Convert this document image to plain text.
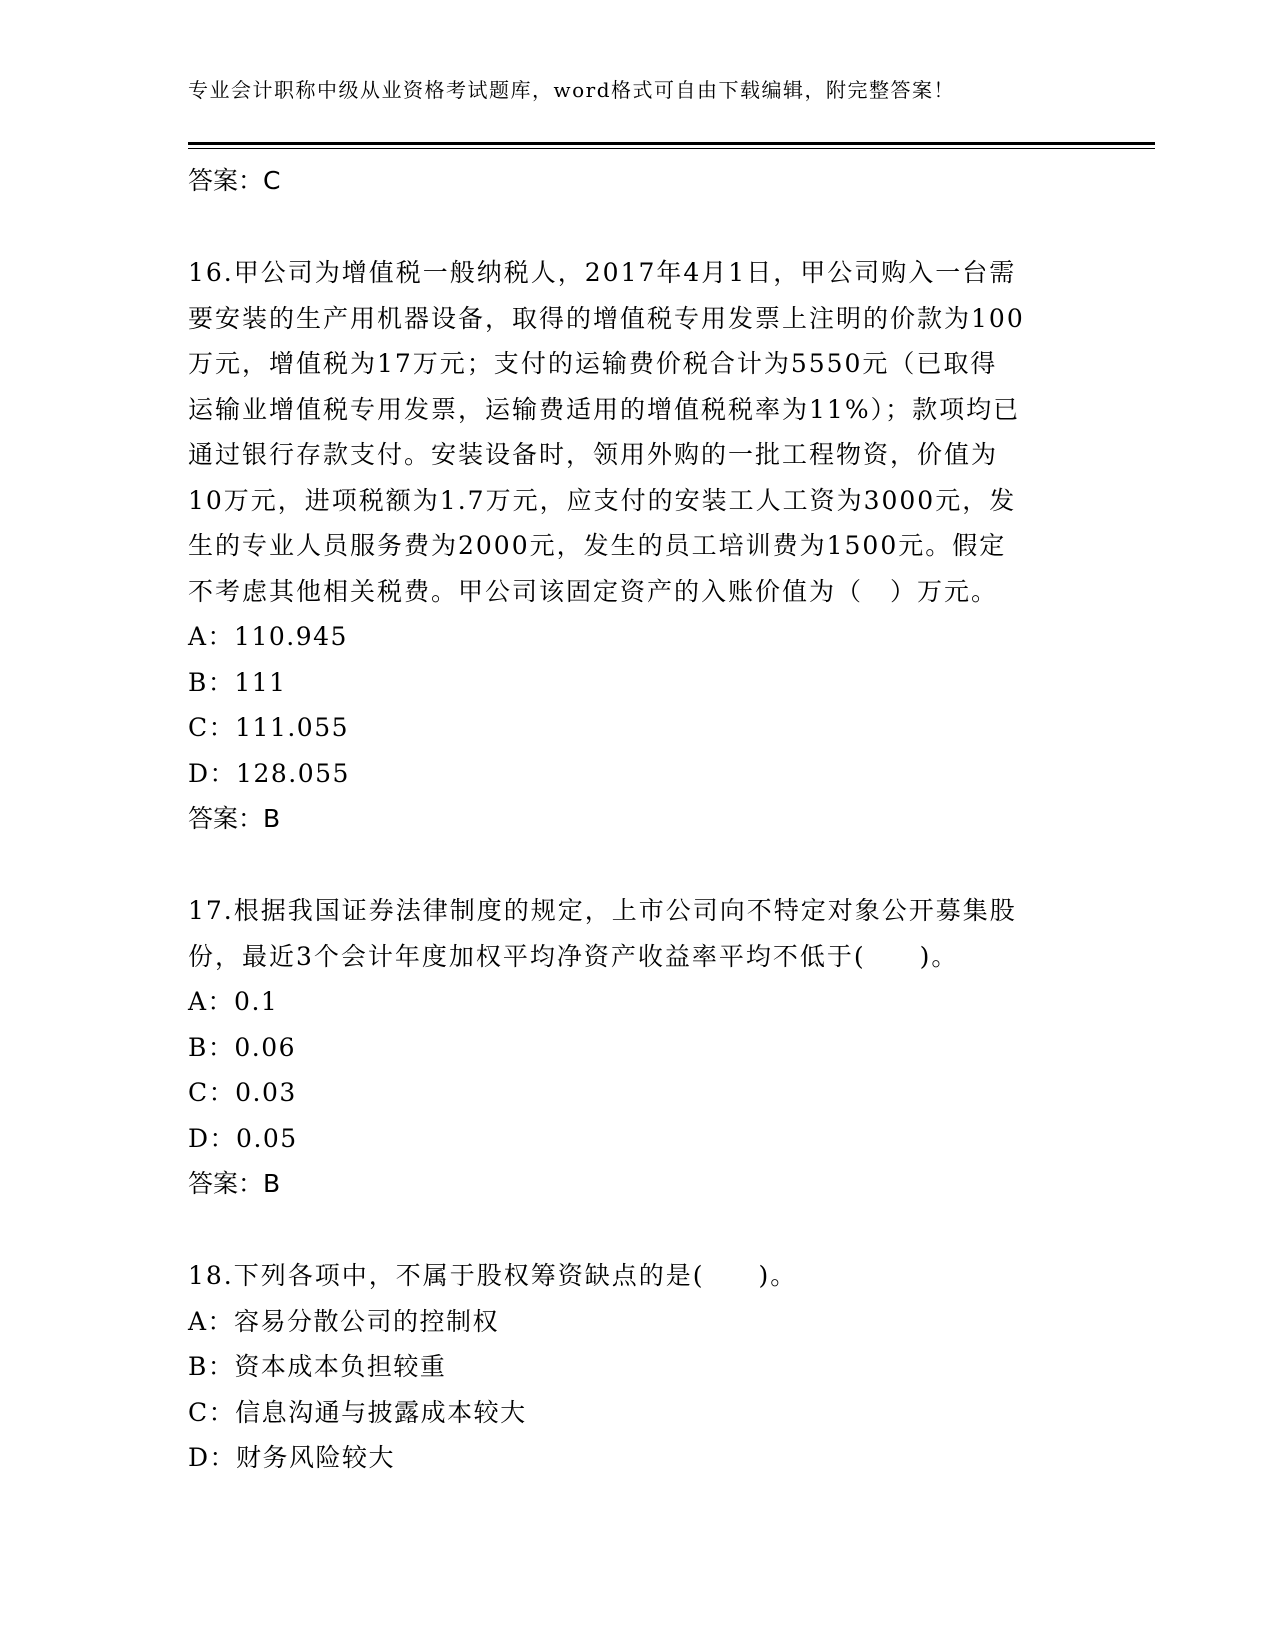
专业会计职称中级从业资格考试题库，word格式可自由下载编辑，附完整答案！
答案：C
16.甲公司为增值税一般纳税人，2017年4月1日，甲公司购入一台需
要安装的生产用机器设备，取得的增值税专用发票上注明的价款为100
万元，增值税为17万元；支付的运输费价税合计为5550元（已取得
运输业增值税专用发票，运输费适用的增值税税率为11%）；款项均已
通过银行存款支付。安装设备时，领用外购的一批工程物资，价值为
10万元，进项税额为1.7万元，应支付的安装工人工资为3000元，发
生的专业人员服务费为2000元，发生的员工培训费为1500元。假定
不考虑其他相关税费。甲公司该固定资产的入账价值为（　）万元。
A：110.945
B：111
C：111.055
D：128.055
答案：B
17.根据我国证券法律制度的规定，上市公司向不特定对象公开募集股
份，最近3个会计年度加权平均净资产收益率平均不低于(　　)。
A：0.1
B：0.06
C：0.03
D：0.05
答案：B
18.下列各项中，不属于股权筹资缺点的是(　　)。
A：容易分散公司的控制权
B：资本成本负担较重
C：信息沟通与披露成本较大
D：财务风险较大
